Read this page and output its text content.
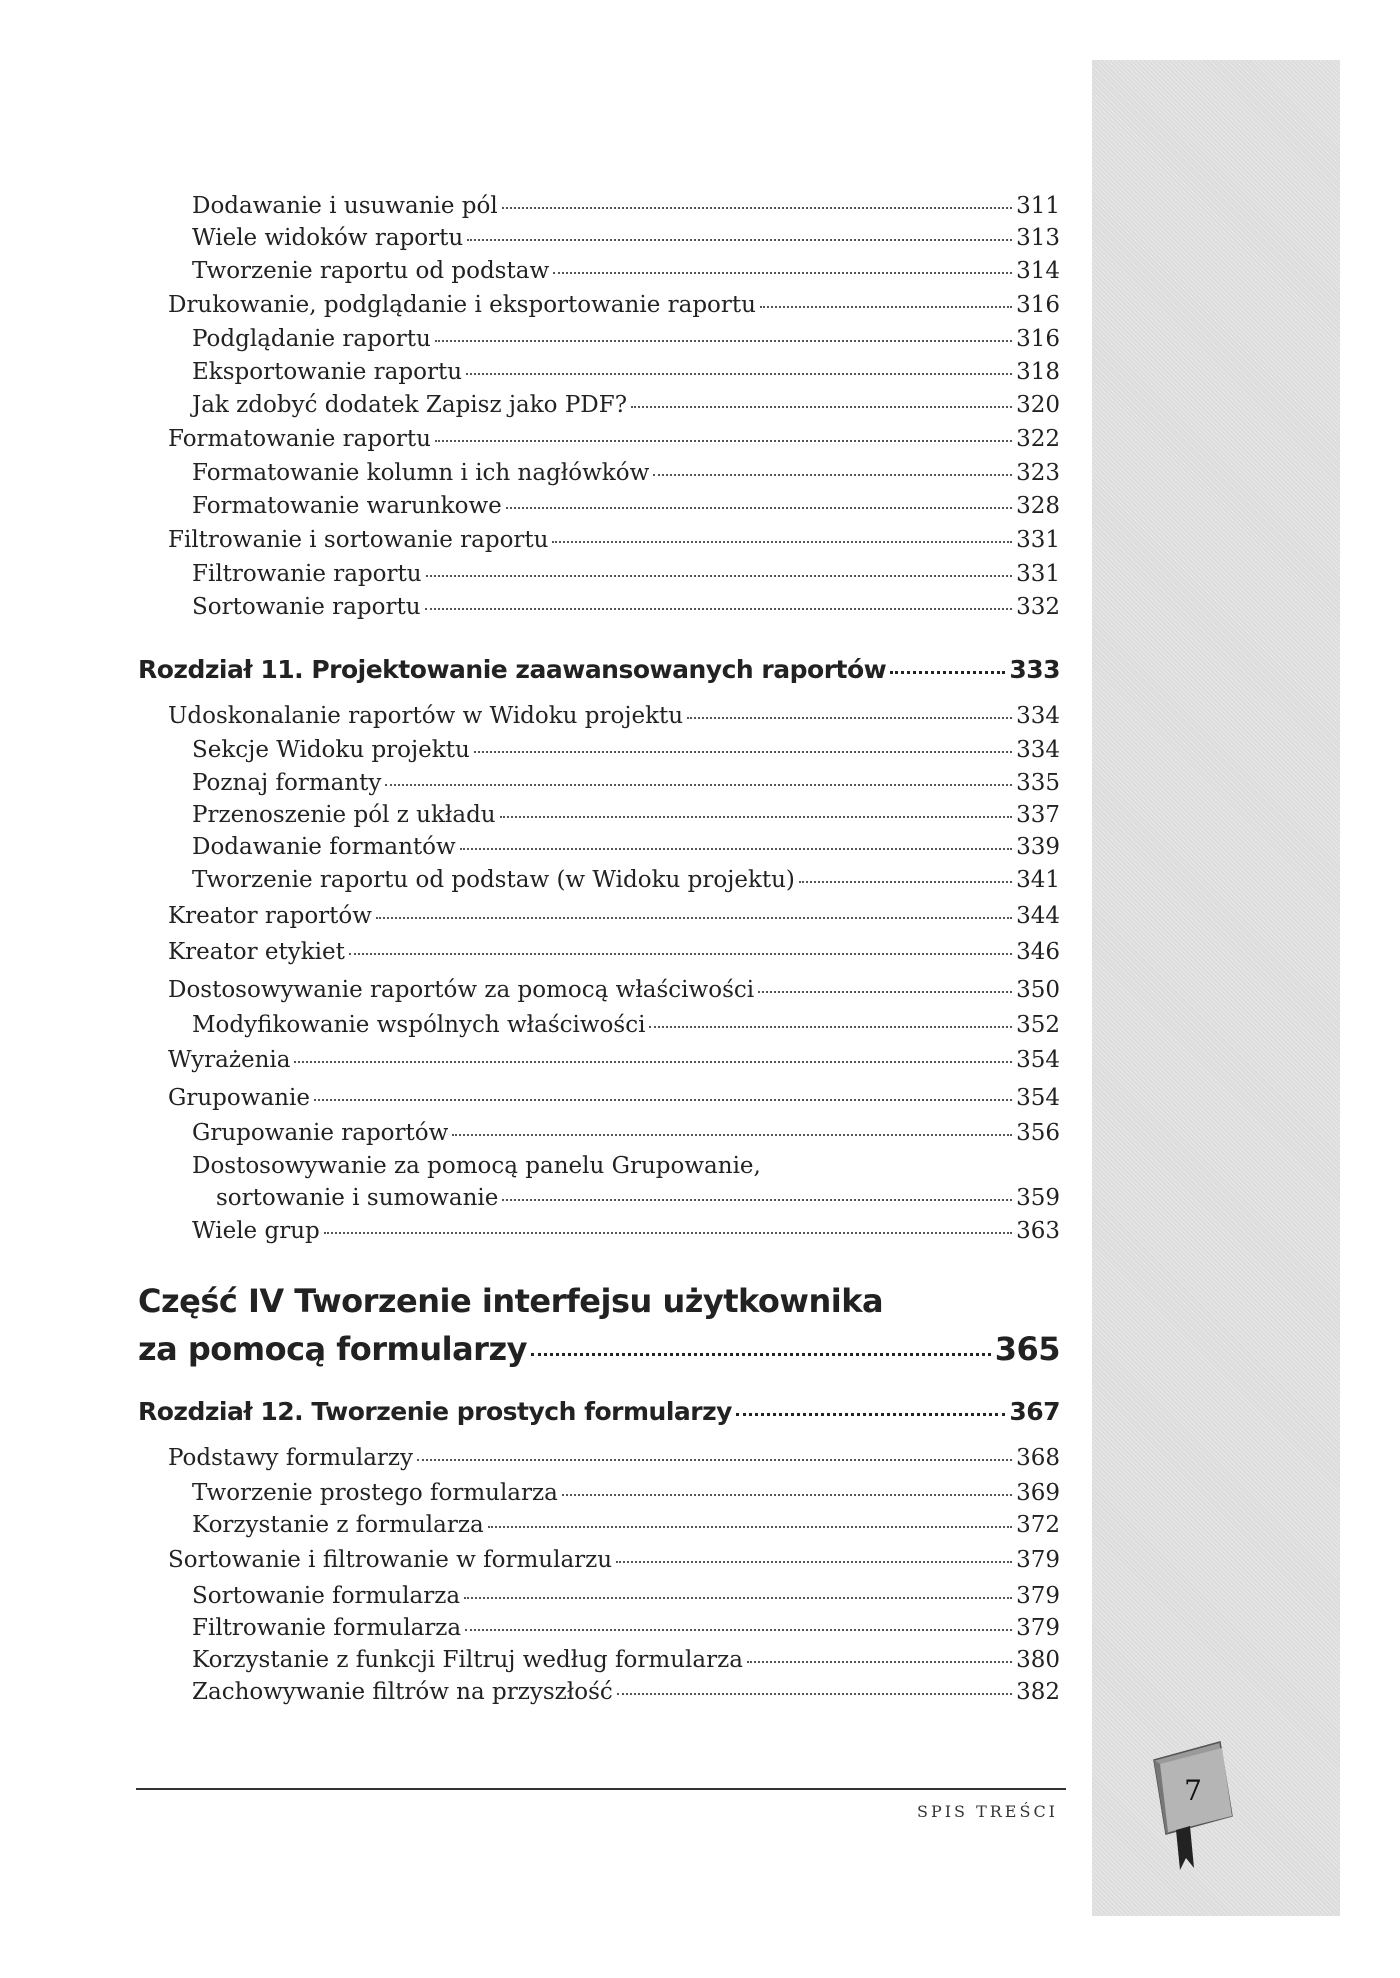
Dodawanie i usuwanie pól	311
Wiele widoków raportu	313
Tworzenie raportu od podstaw	314
Drukowanie, podglądanie i eksportowanie raportu	316
Podglądanie raportu	316
Eksportowanie raportu	318
Jak zdobyć dodatek Zapisz jako PDF?	320
Formatowanie raportu	322
Formatowanie kolumn i ich nagłówków	323
Formatowanie warunkowe	328
Filtrowanie i sortowanie raportu	331
Filtrowanie raportu	331
Sortowanie raportu	332
Rozdział 11. Projektowanie zaawansowanych raportów	333
Udoskonalanie raportów w Widoku projektu	334
Sekcje Widoku projektu	334
Poznaj formanty	335
Przenoszenie pól z układu	337
Dodawanie formantów	339
Tworzenie raportu od podstaw (w Widoku projektu)	341
Kreator raportów	344
Kreator etykiet	346
Dostosowywanie raportów za pomocą właściwości	350
Modyfikowanie wspólnych właściwości	352
Wyrażenia	354
Grupowanie	354
Grupowanie raportów	356
Dostosowywanie za pomocą panelu Grupowanie,
sortowanie i sumowanie	359
Wiele grup	363
Część IV Tworzenie interfejsu użytkownika
za pomocą formularzy	365
Rozdział 12. Tworzenie prostych formularzy	367
Podstawy formularzy	368
Tworzenie prostego formularza	369
Korzystanie z formularza	372
Sortowanie i filtrowanie w formularzu	379
Sortowanie formularza	379
Filtrowanie formularza	379
Korzystanie z funkcji Filtruj według formularza	380
Zachowywanie filtrów na przyszłość	382
SPIS TREŚCI
7
